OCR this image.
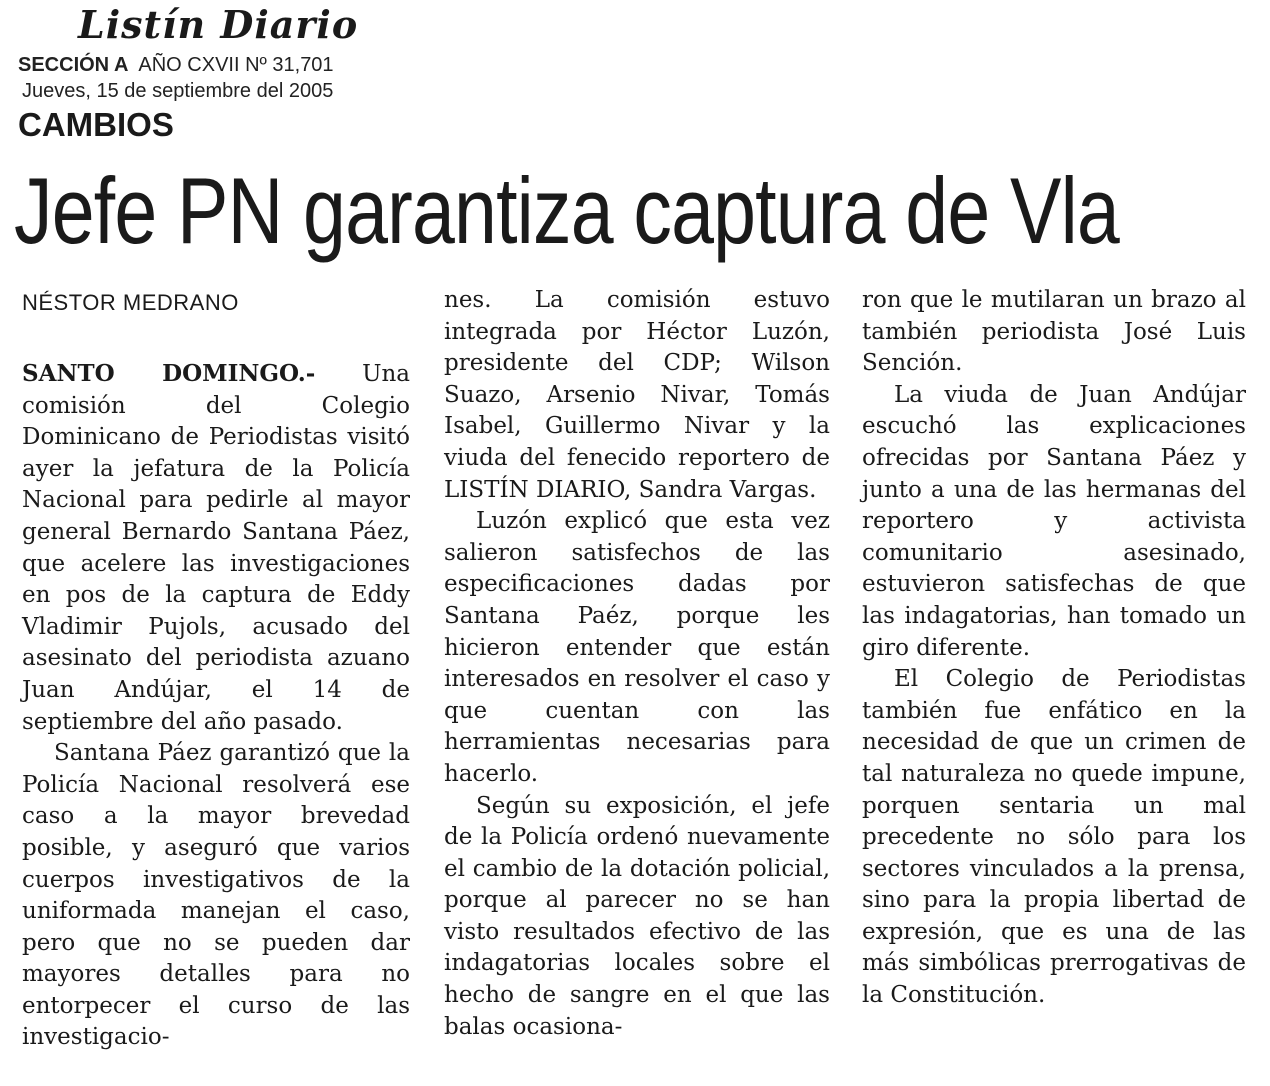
Listín Diario
SECCIÓN A AÑO CXVII Nº 31,701
Jueves, 15 de septiembre del 2005
CAMBIOS
Jefe PN garantiza captura de Vla
NÉSTOR MEDRANO

SANTO DOMINGO.- Una comisión del Colegio Dominicano de Periodistas visitó ayer la jefatura de la Policía Nacional para pedirle al mayor general Bernardo Santana Páez, que acelere las investigaciones en pos de la captura de Eddy Vladimir Pujols, acusado del asesinato del periodista azuano Juan Andújar, el 14 de septiembre del año pasado.

Santana Páez garantizó que la Policía Nacional resolverá ese caso a la mayor brevedad posible, y aseguró que varios cuerpos investigativos de la uniformada manejan el caso, pero que no se pueden dar mayores detalles para no entorpecer el curso de las investigacio-

nes. La comisión estuvo integrada por Héctor Luzón, presidente del CDP; Wilson Suazo, Arsenio Nivar, Tomás Isabel, Guillermo Nivar y la viuda del fenecido reportero de LISTÍN DIARIO, Sandra Vargas.

Luzón explicó que esta vez salieron satisfechos de las especificaciones dadas por Santana Paéz, porque les hicieron entender que están interesados en resolver el caso y que cuentan con las herramientas necesarias para hacerlo.

Según su exposición, el jefe de la Policía ordenó nuevamente el cambio de la dotación policial, porque al parecer no se han visto resultados efectivo de las indagatorias locales sobre el hecho de sangre en el que las balas ocasiona-

ron que le mutilaran un brazo al también periodista José Luis Sención.

La viuda de Juan Andújar escuchó las explicaciones ofrecidas por Santana Páez y junto a una de las hermanas del reportero y activista comunitario asesinado, estuvieron satisfechas de que las indagatorias, han tomado un giro diferente.

El Colegio de Periodistas también fue enfático en la necesidad de que un crimen de tal naturaleza no quede impune, porquen sentaria un mal precedente no sólo para los sectores vinculados a la prensa, sino para la propia libertad de expresión, que es una de las más simbólicas prerrogativas de la Constitución.
